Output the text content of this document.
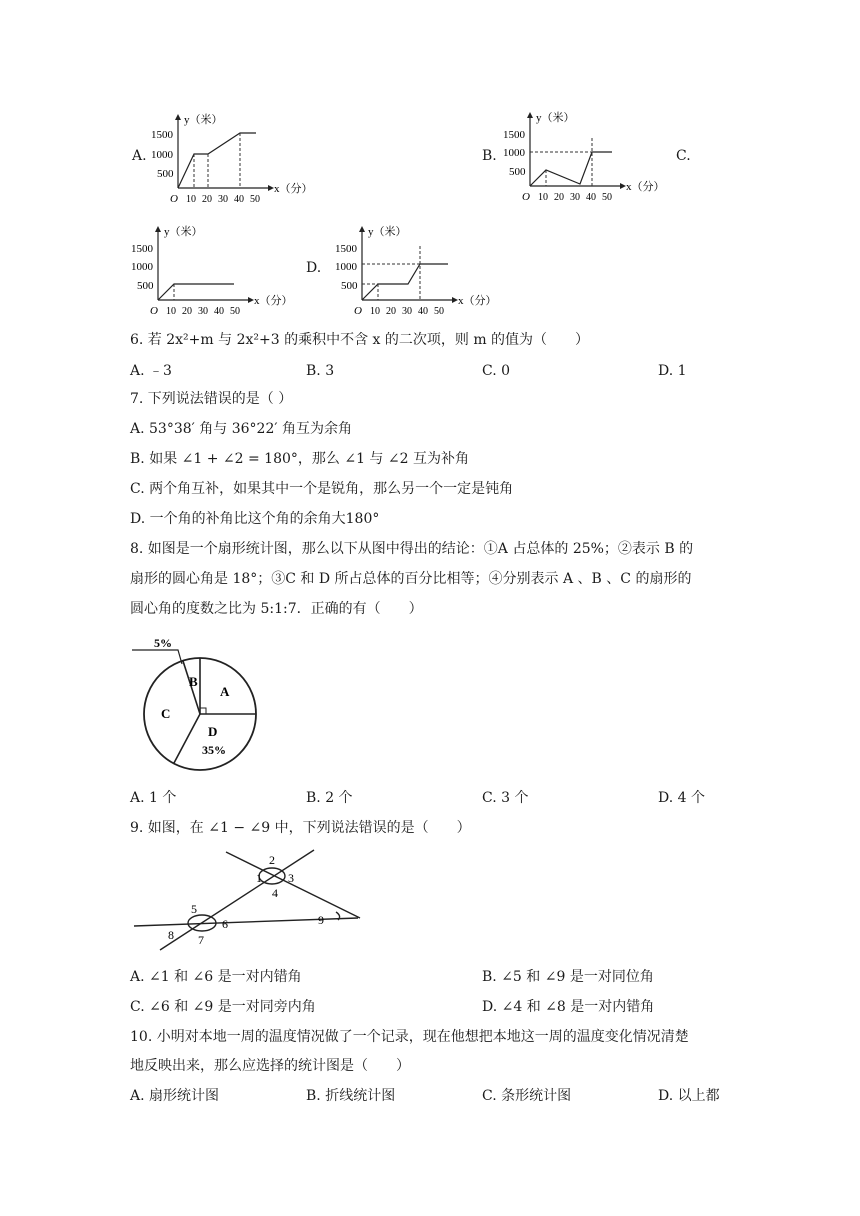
A.	B.	C.
D.
1500
1000
500
O 10 20 30 40 50
y（米）
x（分）
1500
1000
500
O 10 20 30 40 50
y（米）
x（分）
1500
1000
500
O 10 20 30 40 50
y（米）
x（分）
1500
1000
500
O 10 20 30 40 50
y（米）
x（分）
6. 若 2x²+m 与 2x²+3 的乘积中不含 x 的二次项，则 m 的值为（　　）
A. ﹣3	B. 3	C. 0	D. 1
7. 下列说法错误的是（ ）
A. 53°38′ 角与 36°22′ 角互为余角
B. 如果 ∠1 + ∠2 = 180°，那么 ∠1 与 ∠2 互为补角
C. 两个角互补，如果其中一个是锐角，那么另一个一定是钝角
D. 一个角的补角比这个角的余角大180°
8. 如图是一个扇形统计图，那么以下从图中得出的结论：①A 占总体的 25%；②表示 B 的
扇形的圆心角是 18°；③C 和 D 所占总体的百分比相等；④分别表示 A 、B 、C 的扇形的
圆心角的度数之比为 5:1:7．正确的有（　　）
5%
B
A
C
D
35%
A. 1 个	B. 2 个	C. 3 个	D. 4 个
9. 如图，在 ∠1 − ∠9 中，下列说法错误的是（　　）
1
2
3
4
5
6
7
8
9
A. ∠1 和 ∠6 是一对内错角	B. ∠5 和 ∠9 是一对同位角
C. ∠6 和 ∠9 是一对同旁内角	D. ∠4 和 ∠8 是一对内错角
10. 小明对本地一周的温度情况做了一个记录，现在他想把本地这一周的温度变化情况清楚
地反映出来，那么应选择的统计图是（　　）
A. 扇形统计图	B. 折线统计图	C. 条形统计图	D. 以上都
